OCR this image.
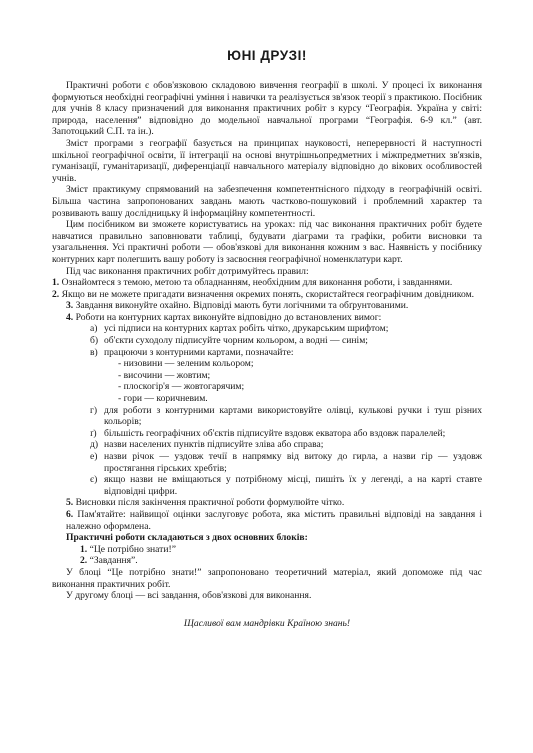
ЮНІ ДРУЗІ!

Практичні роботи є обов'язковою складовою вивчення географії в школі. У процесі їх виконання формуються необхідні географічні уміння і навички та реалізується зв'язок теорії з практикою. Посібник для учнів 8 класу призначений для виконання практичних робіт з курсу “Географія. Україна у світі: природа, населення” відповідно до модельної навчальної програми “Географія. 6-9 кл.” (авт. Запотоцький С.П. та ін.).

Зміст програми з географії базується на принципах науковості, неперервності й наступності шкільної географічної освіти, її інтеграції на основі внутрішньопредметних і міжпредметних зв'язків, гуманізації, гуманітаризації, диференціації навчального матеріалу відповідно до вікових особливостей учнів.

Зміст практикуму спрямований на забезпечення компетентнісного підходу в географічній освіті. Більша частина запропонованих завдань мають частково-пошуковий і проблемний характер та розвивають вашу дослідницьку й інформаційну компетентності.

Цим посібником ви зможете користуватись на уроках: під час виконання практичних робіт будете навчатися правильно заповнювати таблиці, будувати діаграми та графіки, робити висновки та узагальнення. Усі практичні роботи — обов'язкові для виконання кожним з вас. Наявність у посібнику контурних карт полегшить вашу роботу із засвоєння географічної номенклатури карт.

Під час виконання практичних робіт дотримуйтесь правил:

1. Ознайомтеся з темою, метою та обладнанням, необхідним для виконання роботи, і завданнями.
2. Якщо ви не можете пригадати визначення окремих понять, скористайтеся географічним довідником.
3. Завдання виконуйте охайно. Відповіді мають бути логічними та обґрунтованими.
4. Роботи на контурних картах виконуйте відповідно до встановлених вимог:
а) усі підписи на контурних картах робіть чітко, друкарським шрифтом;
б) об'єкти суходолу підписуйте чорним кольором, а водні — синім;
в) працюючи з контурними картами, позначайте:
- низовини — зеленим кольором;
- височини — жовтим;
- плоскогір'я — жовтогарячим;
- гори — коричневим.
г) для роботи з контурними картами використовуйте олівці, кулькові ручки і туш різних кольорів;
ґ) більшість географічних об'єктів підписуйте вздовж екватора або вздовж паралелей;
д) назви населених пунктів підписуйте зліва або справа;
е) назви річок — уздовж течії в напрямку від витоку до гирла, а назви гір — уздовж простягання гірських хребтів;
є) якщо назви не вміщаються у потрібному місці, пишіть їх у легенді, а на карті ставте відповідні цифри.
5. Висновки після закінчення практичної роботи формулюйте чітко.
6. Пам'ятайте: найвищої оцінки заслуговує робота, яка містить правильні відповіді на завдання і належно оформлена.
Практичні роботи складаються з двох основних блоків:
1. “Це потрібно знати!”
2. “Завдання”.

У блоці “Це потрібно знати!” запропоновано теоретичний матеріал, який допоможе під час виконання практичних робіт.

У другому блоці — всі завдання, обов'язкові для виконання.

Щасливої вам мандрівки Країною знань!
